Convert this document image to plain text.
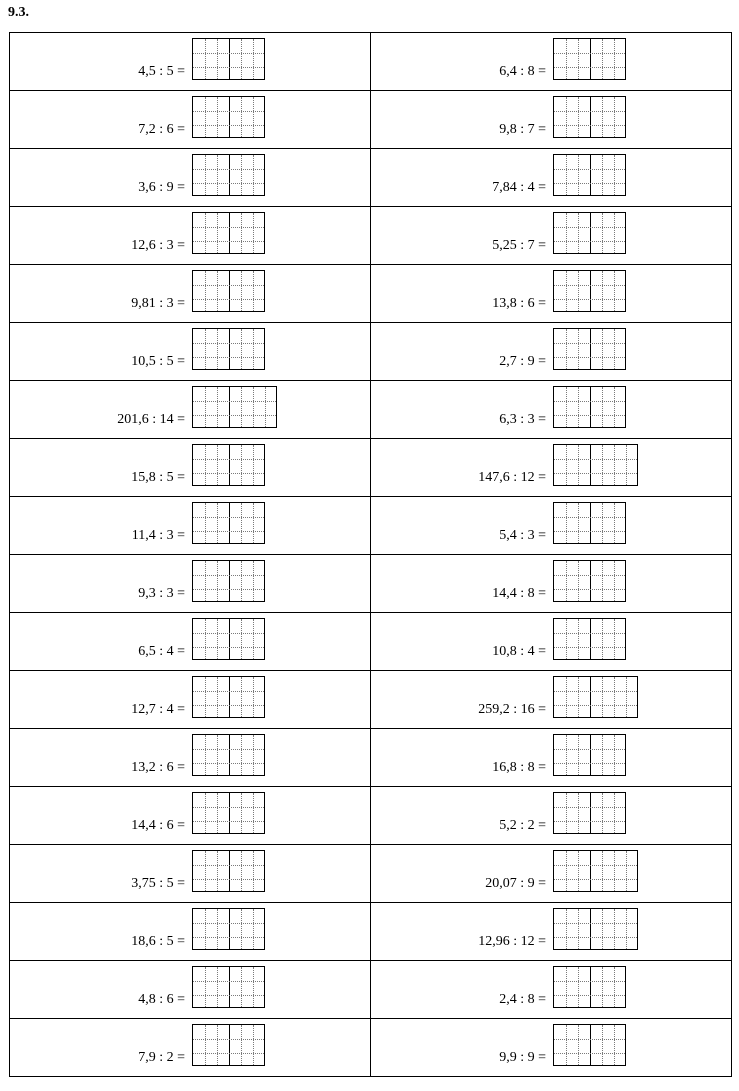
9.3.
4,5 : 5 =	6,4 : 8 =

7,2 : 6 =	9,8 : 7 =

3,6 : 9 =	7,84 : 4 =

12,6 : 3 =	5,25 : 7 =

9,81 : 3 =	13,8 : 6 =

10,5 : 5 =	2,7 : 9 =

201,6 : 14 =	6,3 : 3 =

15,8 : 5 =	147,6 : 12 =

11,4 : 3 =	5,4 : 3 =

9,3 : 3 =	14,4 : 8 =

6,5 : 4 =	10,8 : 4 =

12,7 : 4 =	259,2 : 16 =

13,2 : 6 =	16,8 : 8 =

14,4 : 6 =	5,2 : 2 =

3,75 : 5 =	20,07 : 9 =

18,6 : 5 =	12,96 : 12 =

4,8 : 6 =	2,4 : 8 =

7,9 : 2 =	9,9 : 9 =
